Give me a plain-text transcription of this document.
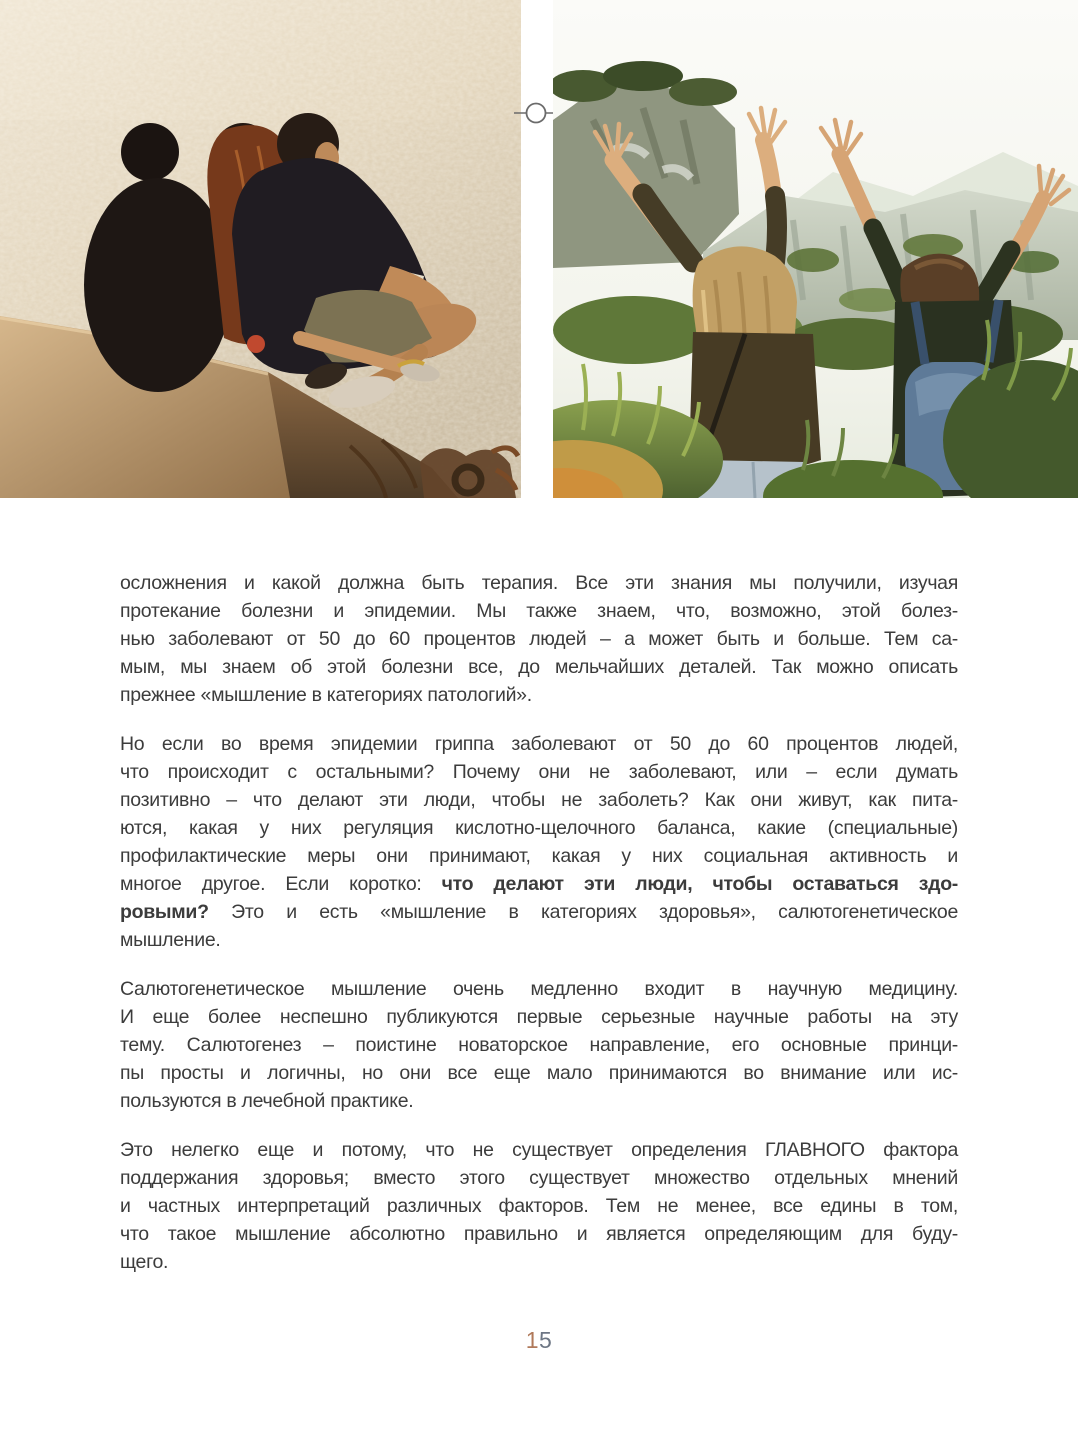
осложнения и какой должна быть терапия. Все эти знания мы получили, изучая
протекание болезни и эпидемии. Мы также знаем, что, возможно, этой болез-
нью заболевают от 50 до 60 процентов людей – а может быть и больше. Тем са-
мым, мы знаем об этой болезни все, до мельчайших деталей. Так можно описать
прежнее «мышление в категориях патологий».
Но если во время эпидемии гриппа заболевают от 50 до 60 процентов людей,
что происходит с остальными? Почему они не заболевают, или – если думать
позитивно – что делают эти люди, чтобы не заболеть? Как они живут, как пита-
ются, какая у них регуляция кислотно-щелочного баланса, какие (специальные)
профилактические меры они принимают, какая у них социальная активность и
многое другое. Если коротко: что делают эти люди, чтобы оставаться здо-
ровыми? Это и есть «мышление в категориях здоровья», салютогенетическое
мышление.
Салютогенетическое мышление очень медленно входит в научную медицину.
И еще более неспешно публикуются первые серьезные научные работы на эту
тему. Салютогенез – поистине новаторское направление, его основные принци-
пы просты и логичны, но они все еще мало принимаются во внимание или ис-
пользуются в лечебной практике.
Это нелегко еще и потому, что не существует определения ГЛАВНОГО фактора
поддержания здоровья; вместо этого существует множество отдельных мнений
и частных интерпретаций различных факторов. Тем не менее, все едины в том,
что такое мышление абсолютно правильно и является определяющим для буду-
щего.
15
